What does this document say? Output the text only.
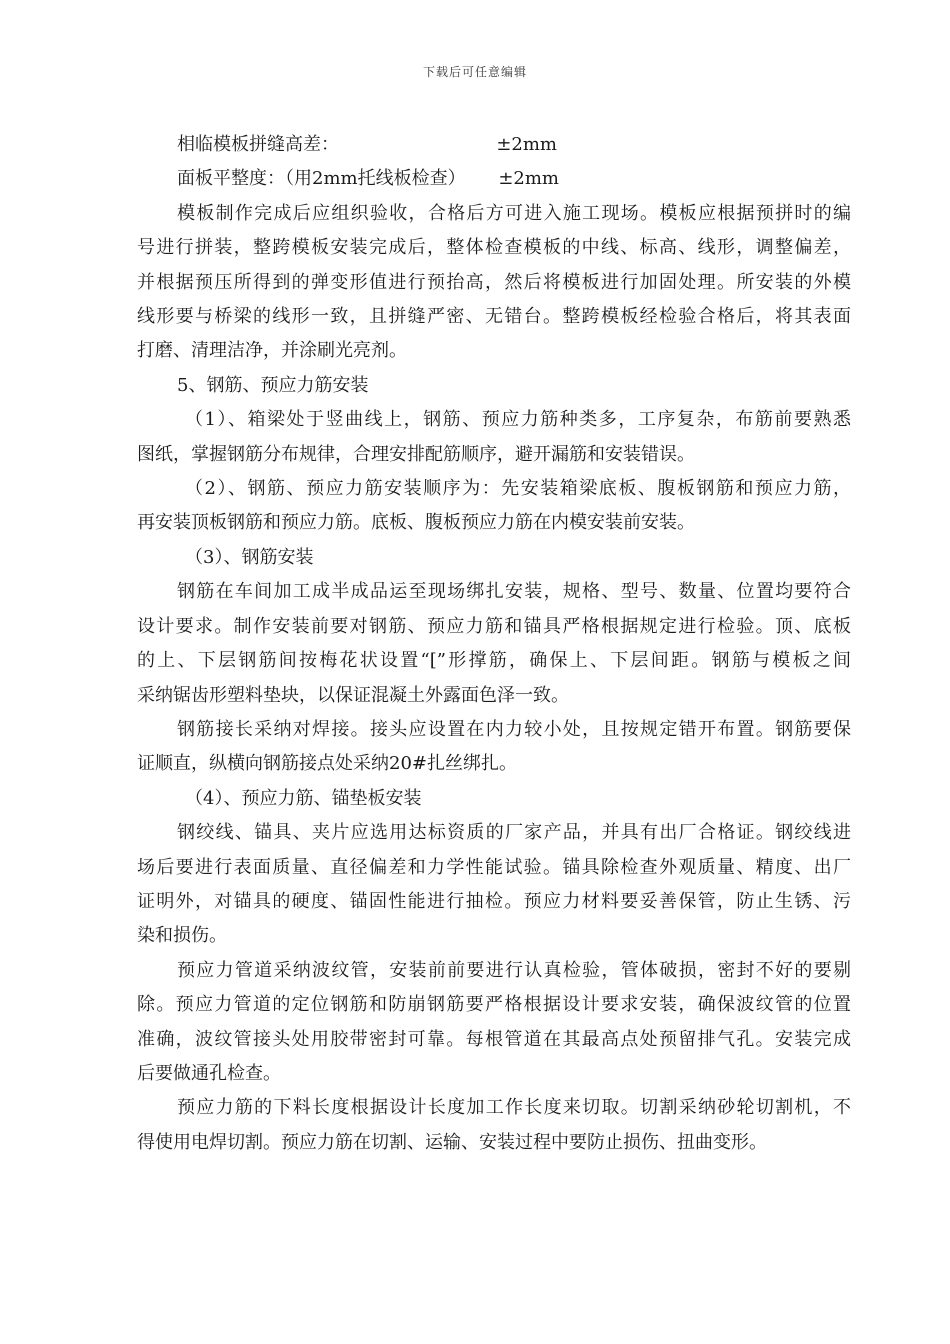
下载后可任意编辑
相临模板拼缝高差：	±2mm
面板平整度：（用2mm托线板检查） ±2mm
模板制作完成后应组织验收，合格后方可进入施工现场。模板应根据预拼时的编
号进行拼装，整跨模板安装完成后，整体检查模板的中线、标高、线形，调整偏差，
并根据预压所得到的弹变形值进行预抬高，然后将模板进行加固处理。所安装的外模
线形要与桥梁的线形一致，且拼缝严密、无错台。整跨模板经检验合格后，将其表面
打磨、清理洁净，并涂刷光亮剂。
5、钢筋、预应力筋安装
（1）、箱梁处于竖曲线上，钢筋、预应力筋种类多，工序复杂，布筋前要熟悉
图纸，掌握钢筋分布规律，合理安排配筋顺序，避开漏筋和安装错误。
（2）、钢筋、预应力筋安装顺序为：先安装箱梁底板、腹板钢筋和预应力筋，
再安装顶板钢筋和预应力筋。底板、腹板预应力筋在内模安装前安装。
（3）、钢筋安装
钢筋在车间加工成半成品运至现场绑扎安装，规格、型号、数量、位置均要符合
设计要求。制作安装前要对钢筋、预应力筋和锚具严格根据规定进行检验。顶、底板
的上、下层钢筋间按梅花状设置“[”形撑筋，确保上、下层间距。钢筋与模板之间
采纳锯齿形塑料垫块，以保证混凝土外露面色泽一致。
钢筋接长采纳对焊接。接头应设置在内力较小处，且按规定错开布置。钢筋要保
证顺直，纵横向钢筋接点处采纳20#扎丝绑扎。
（4）、预应力筋、锚垫板安装
钢绞线、锚具、夹片应选用达标资质的厂家产品，并具有出厂合格证。钢绞线进
场后要进行表面质量、直径偏差和力学性能试验。锚具除检查外观质量、精度、出厂
证明外，对锚具的硬度、锚固性能进行抽检。预应力材料要妥善保管，防止生锈、污
染和损伤。
预应力管道采纳波纹管，安装前前要进行认真检验，管体破损，密封不好的要剔
除。预应力管道的定位钢筋和防崩钢筋要严格根据设计要求安装，确保波纹管的位置
准确，波纹管接头处用胶带密封可靠。每根管道在其最高点处预留排气孔。安装完成
后要做通孔检查。
预应力筋的下料长度根据设计长度加工作长度来切取。切割采纳砂轮切割机，不
得使用电焊切割。预应力筋在切割、运输、安装过程中要防止损伤、扭曲变形。
